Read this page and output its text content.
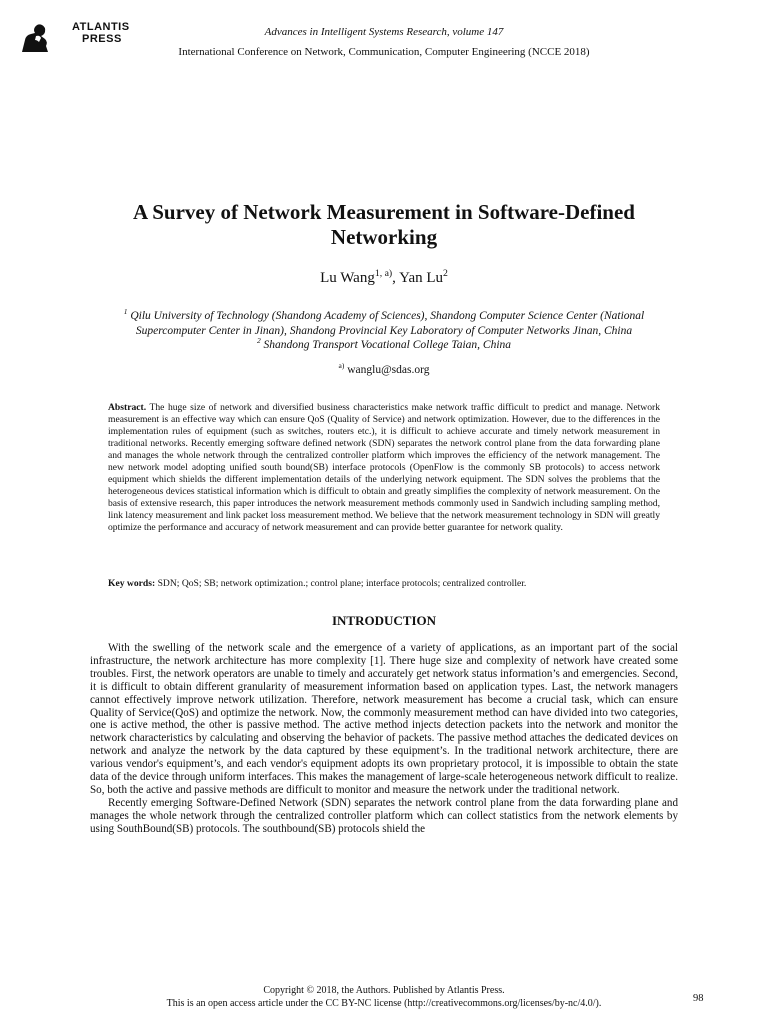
ATLANTIS
PRESS
Advances in Intelligent Systems Research, volume 147
International Conference on Network, Communication, Computer Engineering (NCCE 2018)
A Survey of Network Measurement in Software-Defined Networking
Lu Wang$^{1, a)}$, Yan Lu$^2$
$^1$ Qilu University of Technology (Shandong Academy of Sciences), Shandong Computer Science Center (National Supercomputer Center in Jinan), Shandong Provincial Key Laboratory of Computer Networks Jinan, China
$^2$ Shandong Transport Vocational College Taian, China
$^{a)}$ wanglu@sdas.org
Abstract. The huge size of network and diversified business characteristics make network traffic difficult to predict and manage. Network measurement is an effective way which can ensure QoS (Quality of Service) and network optimization. However, due to the differences in the implementation rules of equipment (such as switches, routers etc.), it is difficult to achieve accurate and timely network measurement in traditional networks. Recently emerging software defined network (SDN) separates the network control plane from the data forwarding plane and manages the whole network through the centralized controller platform which improves the efficiency of the network management. The new network model adopting unified south bound(SB) interface protocols (OpenFlow is the commonly SB protocols) to access network equipment which shields the different implementation details of the underlying network equipment. The SDN solves the problems that the heterogeneous devices statistical information which is difficult to obtain and greatly simplifies the complexity of network measurement. On the basis of extensive research, this paper introduces the network measurement methods commonly used in Sandwich including sampling method, link latency measurement and link packet loss measurement method. We believe that the network measurement technology in SDN will greatly optimize the performance and accuracy of network measurement and can provide better guarantee for network quality.
Key words: SDN; QoS; SB; network optimization.; control plane; interface protocols; centralized controller.
INTRODUCTION

With the swelling of the network scale and the emergence of a variety of applications, as an important part of the social infrastructure, the network architecture has more complexity [1]. There huge size and complexity of network have created some troubles. First, the network operators are unable to timely and accurately get network status information’s and emergencies. Second, it is difficult to obtain different granularity of measurement information based on application types. Last, the network managers cannot effectively improve network utilization. Therefore, network measurement has become a crucial task, which can ensure Quality of Service(QoS) and optimize the network. Now, the commonly measurement method can have divided into two categories, one is active method, the other is passive method. The active method injects detection packets into the network and monitor the network characteristics by calculating and observing the behavior of packets. The passive method attaches the dedicated devices on network and analyze the network by the data captured by these equipment’s. In the traditional network architecture, there are various vendor's equipment’s, and each vendor's equipment adopts its own proprietary protocol, it is impossible to obtain the state data of the device through uniform interfaces. This makes the management of large-scale heterogeneous network difficult to realize. So, both the active and passive methods are difficult to monitor and measure the network under the traditional network.

Recently emerging Software-Defined Network (SDN) separates the network control plane from the data forwarding plane and manages the whole network through the centralized controller platform which can collect statistics from the network elements by using SouthBound(SB) protocols. The southbound(SB) protocols shield the

Copyright © 2018, the Authors. Published by Atlantis Press.
This is an open access article under the CC BY-NC license (http://creativecommons.org/licenses/by-nc/4.0/).	98
